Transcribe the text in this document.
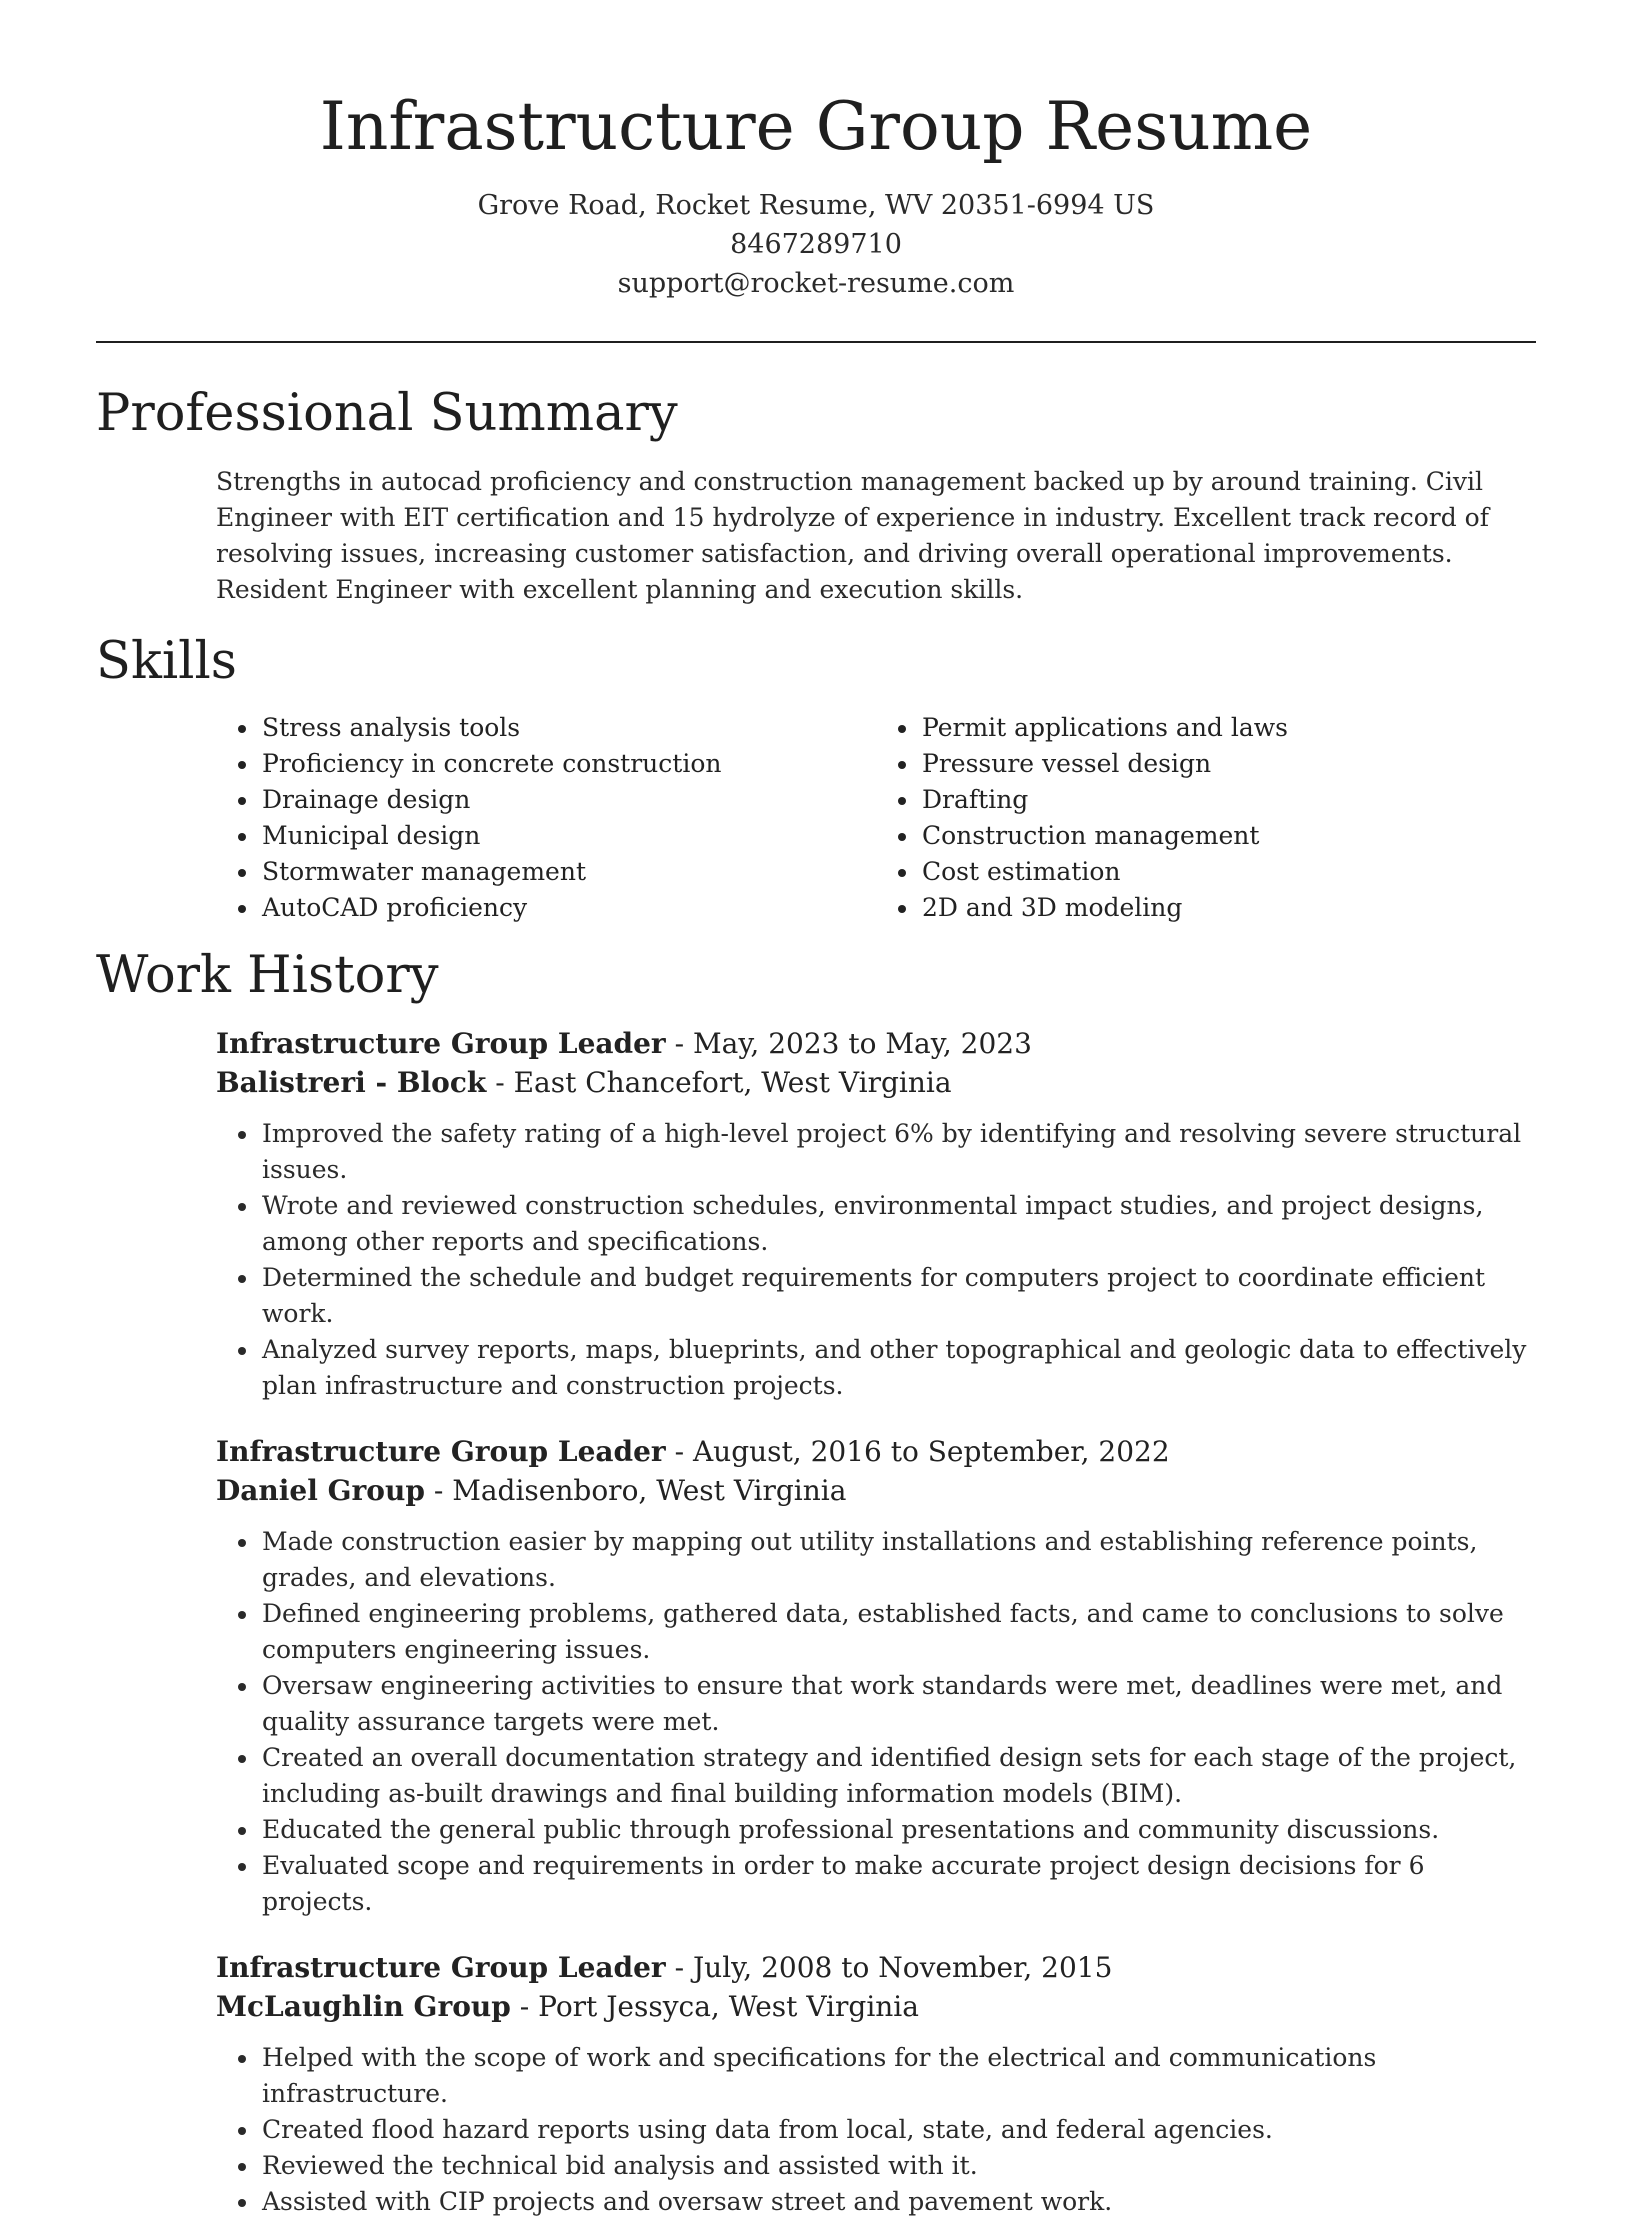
Infrastructure Group Resume
Grove Road, Rocket Resume, WV 20351-6994 US
8467289710
support@rocket-resume.com
Professional Summary

Strengths in autocad proficiency and construction management backed up by around training. Civil Engineer with EIT certification and 15 hydrolyze of experience in industry. Excellent track record of resolving issues, increasing customer satisfaction, and driving overall operational improvements. Resident Engineer with excellent planning and execution skills.

Skills
• Stress analysis tools
• Proficiency in concrete construction
• Drainage design
• Municipal design
• Stormwater management
• AutoCAD proficiency
• Permit applications and laws
• Pressure vessel design
• Drafting
• Construction management
• Cost estimation
• 2D and 3D modeling
Work History
Infrastructure Group Leader - May, 2023 to May, 2023
Balistreri - Block - East Chancefort, West Virginia
• Improved the safety rating of a high-level project 6% by identifying and resolving severe structural issues.
• Wrote and reviewed construction schedules, environmental impact studies, and project designs, among other reports and specifications.
• Determined the schedule and budget requirements for computers project to coordinate efficient work.
• Analyzed survey reports, maps, blueprints, and other topographical and geologic data to effectively plan infrastructure and construction projects.
Infrastructure Group Leader - August, 2016 to September, 2022
Daniel Group - Madisenboro, West Virginia
• Made construction easier by mapping out utility installations and establishing reference points, grades, and elevations.
• Defined engineering problems, gathered data, established facts, and came to conclusions to solve computers engineering issues.
• Oversaw engineering activities to ensure that work standards were met, deadlines were met, and quality assurance targets were met.
• Created an overall documentation strategy and identified design sets for each stage of the project, including as-built drawings and final building information models (BIM).
• Educated the general public through professional presentations and community discussions.
• Evaluated scope and requirements in order to make accurate project design decisions for 6 projects.
Infrastructure Group Leader - July, 2008 to November, 2015
McLaughlin Group - Port Jessyca, West Virginia
• Helped with the scope of work and specifications for the electrical and communications infrastructure.
• Created flood hazard reports using data from local, state, and federal agencies.
• Reviewed the technical bid analysis and assisted with it.
• Assisted with CIP projects and oversaw street and pavement work.
